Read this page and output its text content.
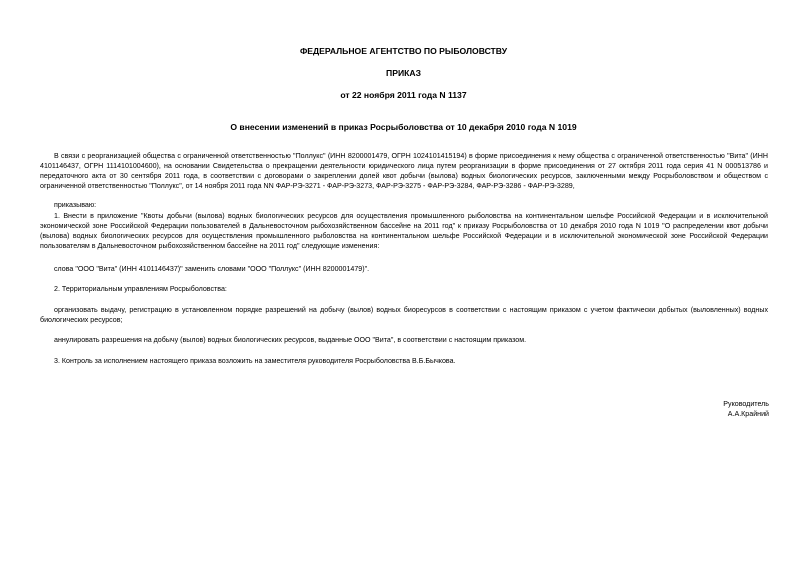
ФЕДЕРАЛЬНОЕ АГЕНТСТВО ПО РЫБОЛОВСТВУ
ПРИКАЗ
от 22 ноября 2011 года N 1137
О внесении изменений в приказ Росрыболовства от 10 декабря 2010 года N 1019
В связи с реорганизацией общества с ограниченной ответственностью "Поллукс" (ИНН 8200001479, ОГРН 1024101415194) в форме присоединения к нему общества с ограниченной ответственностью "Вита" (ИНН 4101146437, ОГРН 1114101004600), на основании Свидетельства о прекращении деятельности юридического лица путем реорганизации в форме присоединения от 27 октября 2011 года серия 41 N 000513786 и передаточного акта от 30 сентября 2011 года, в соответствии с договорами о закреплении долей квот добычи (вылова) водных биологических ресурсов, заключенными между Росрыболовством и обществом с ограниченной ответственностью "Поллукс", от 14 ноября 2011 года NN ФАР-РЭ-3271 - ФАР-РЭ-3273, ФАР-РЭ-3275 - ФАР-РЭ-3284, ФАР-РЭ-3286 - ФАР-РЭ-3289,
приказываю:
1. Внести в приложение "Квоты добычи (вылова) водных биологических ресурсов для осуществления промышленного рыболовства на континентальном шельфе Российской Федерации и в исключительной экономической зоне Российской Федерации пользователей в Дальневосточном рыбохозяйственном бассейне на 2011 год" к приказу Росрыболовства от 10 декабря 2010 года N 1019 "О распределении квот добычи (вылова) водных биологических ресурсов для осуществления промышленного рыболовства на континентальном шельфе Российской Федерации и в исключительной экономической зоне Российской Федерации пользователям в Дальневосточном рыбохозяйственном бассейне на 2011 год" следующие изменения:
слова "ООО "Вита" (ИНН 4101146437)" заменить словами "ООО "Поллукс" (ИНН 8200001479)".
2. Территориальным управлениям Росрыболовства:
организовать выдачу, регистрацию в установленном порядке разрешений на добычу (вылов) водных биоресурсов в соответствии с настоящим приказом с учетом фактически добытых (выловленных) водных биологических ресурсов;
аннулировать разрешения на добычу (вылов) водных биологических ресурсов, выданные ООО "Вита", в соответствии с настоящим приказом.
3. Контроль за исполнением настоящего приказа возложить на заместителя руководителя Росрыболовства В.Б.Бычкова.
Руководитель
А.А.Крайний
